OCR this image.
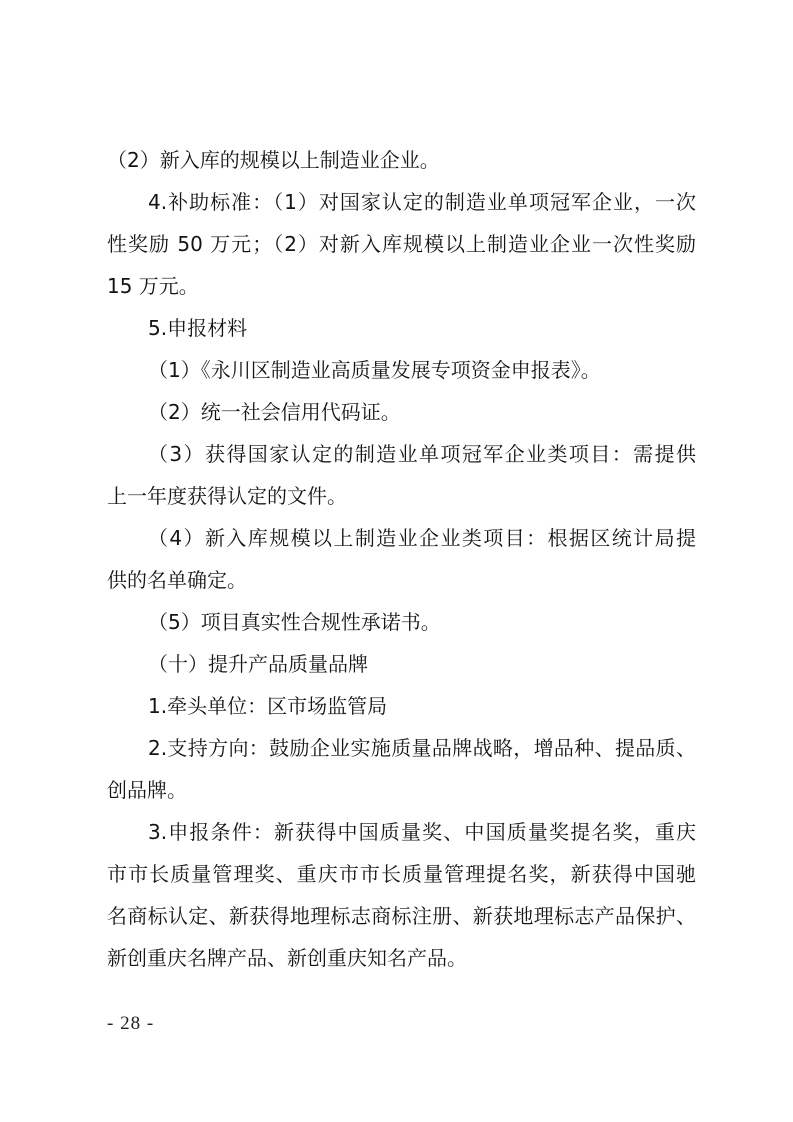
（2）新入库的规模以上制造业企业。
4.补助标准：（1）对国家认定的制造业单项冠军企业，一次
性奖励 50 万元；（2）对新入库规模以上制造业企业一次性奖励
15 万元。
5.申报材料
（1）《永川区制造业高质量发展专项资金申报表》。
（2）统一社会信用代码证。
（3）获得国家认定的制造业单项冠军企业类项目：需提供
上一年度获得认定的文件。
（4）新入库规模以上制造业企业类项目：根据区统计局提
供的名单确定。
（5）项目真实性合规性承诺书。
（十）提升产品质量品牌
1.牵头单位：区市场监管局
2.支持方向：鼓励企业实施质量品牌战略，增品种、提品质、
创品牌。
3.申报条件：新获得中国质量奖、中国质量奖提名奖，重庆
市市长质量管理奖、重庆市市长质量管理提名奖，新获得中国驰
名商标认定、新获得地理标志商标注册、新获地理标志产品保护、
新创重庆名牌产品、新创重庆知名产品。
- 28 -
